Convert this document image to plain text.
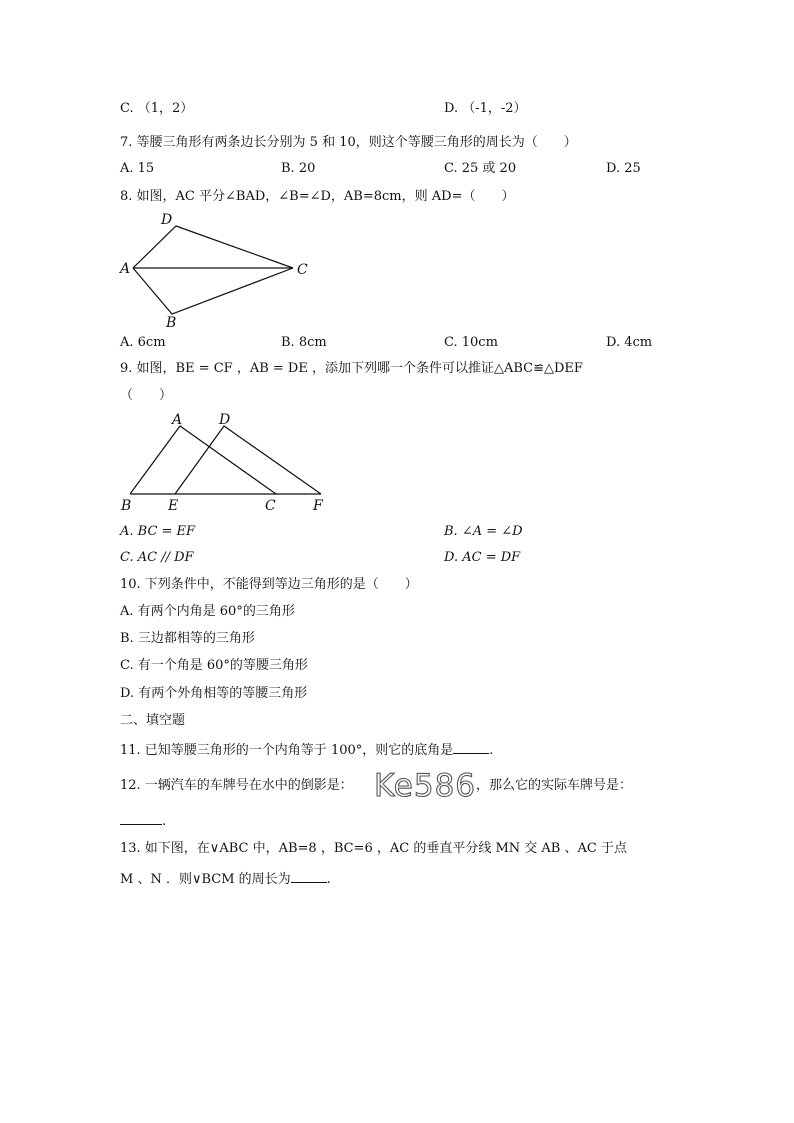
C. （1，2）	D. （-1，-2）
7. 等腰三角形有两条边长分别为 5 和 10，则这个等腰三角形的周长为（　　）
A. 15	B. 20	C. 25 或 20	D. 25
8. 如图，AC 平分∠BAD，∠B=∠D，AB=8cm，则 AD=（　　）
A
D
C
B
A. 6cm	B. 8cm	C. 10cm	D. 4cm
9. 如图，BE = CF ，AB = DE ，添加下列哪一个条件可以推证△ABC≌△DEF
（　　）
A	D
B	E	C	F
A. BC = EF	B. ∠A = ∠D
C. AC // DF	D. AC = DF
10. 下列条件中，不能得到等边三角形的是（　　）
A. 有两个内角是 60°的三角形
B. 三边都相等的三角形
C. 有一个角是 60°的等腰三角形
D. 有两个外角相等的等腰三角形
二、填空题
11. 已知等腰三角形的一个内角等于 100°，则它的底角是	.
12. 一辆汽车的车牌号在水中的倒影是： Ke586 ，那么它的实际车牌号是：
.
13. 如下图，在∨ABC 中，AB=8 ，BC=6 ，AC 的垂直平分线 MN 交 AB 、AC 于点
M 、N ．则∨BCM 的周长为	.
